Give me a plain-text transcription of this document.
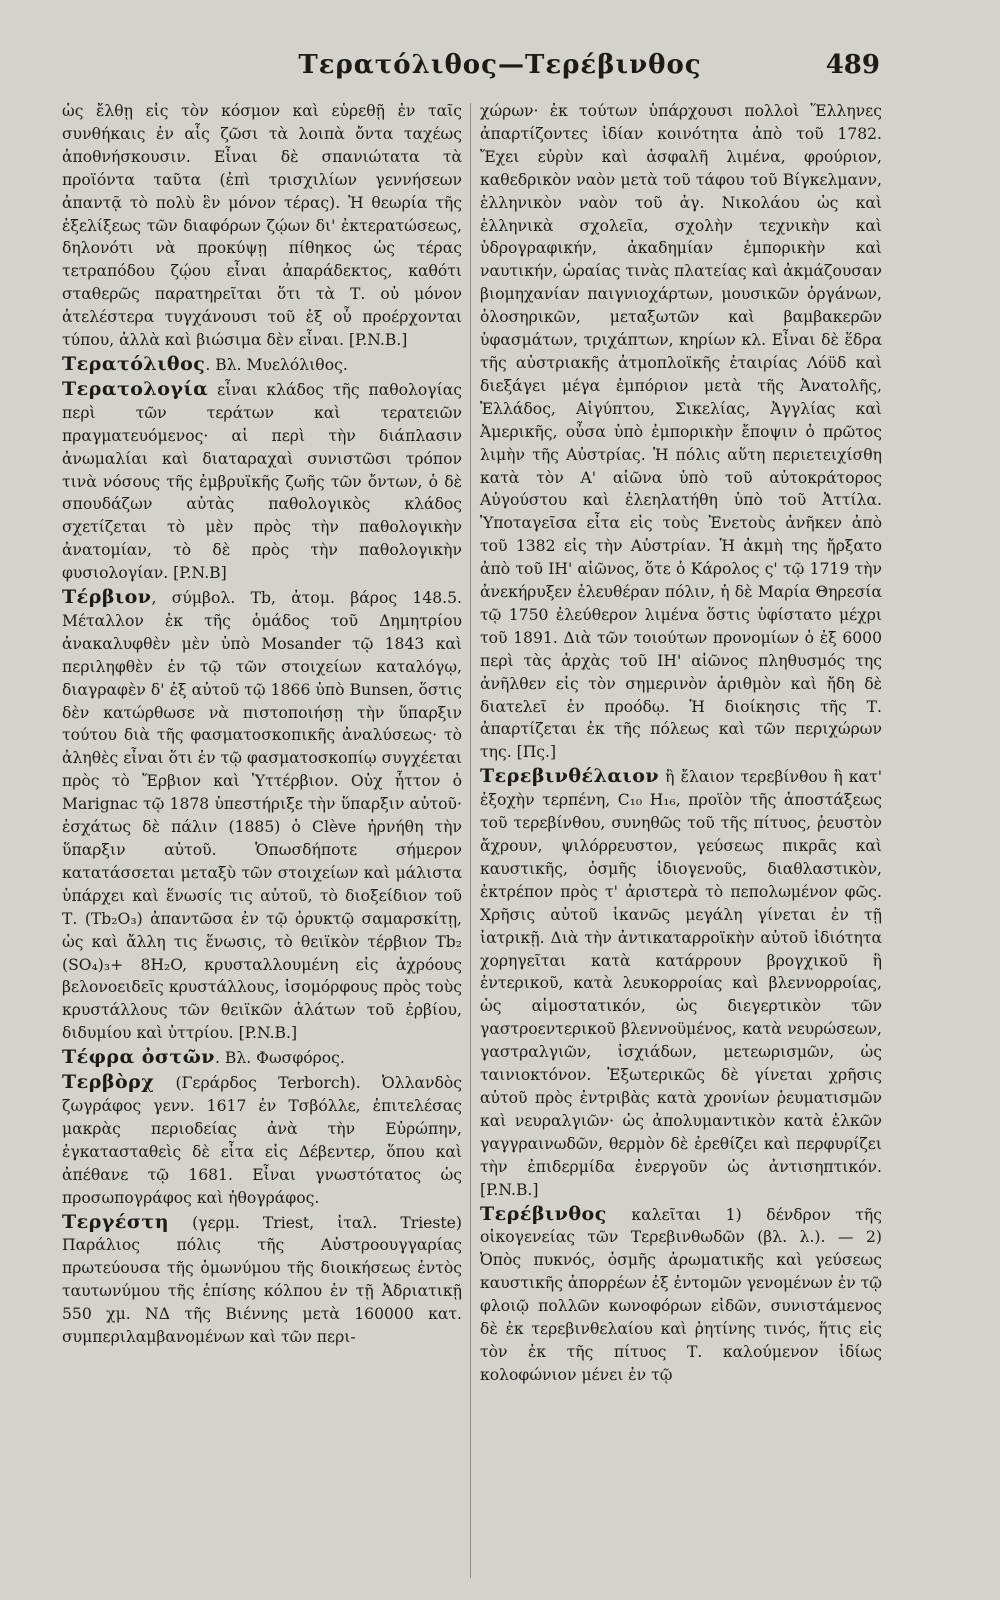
Τερατόλιθος—Τερέβινθος	489

ὡς ἔλθῃ εἰς τὸν κόσμον καὶ εὑρεθῇ ἐν ταῖς συνθήκαις ἐν αἷς ζῶσι τὰ λοιπὰ ὄντα ταχέως ἀποθνήσκουσιν. Εἶναι δὲ σπανιώτατα τὰ προϊόντα ταῦτα (ἐπὶ τρισχιλίων γεννήσεων ἀπαντᾷ τὸ πολὺ ἓν μόνον τέρας). Ἡ θεωρία τῆς ἐξελίξεως τῶν διαφόρων ζῴων δι' ἐκτερατώσεως, δηλονότι νὰ προκύψῃ πίθηκος ὡς τέρας τετραπόδου ζῴου εἶναι ἀπαράδεκτος, καθότι σταθερῶς παρατηρεῖται ὅτι τὰ Τ. οὐ μόνον ἀτελέστερα τυγχάνουσι τοῦ ἐξ οὗ προέρχονται τύπου, ἀλλὰ καὶ βιώσιμα δὲν εἶναι. [P.N.B.]

Τερατόλιθος. Βλ. Μυελόλιθος.

Τερατολογία εἶναι κλάδος τῆς παθολογίας περὶ τῶν τεράτων καὶ τερατειῶν πραγματευόμενος· αἱ περὶ τὴν διάπλασιν ἀνωμαλίαι καὶ διαταραχαὶ συνιστῶσι τρόπον τινὰ νόσους τῆς ἐμβρυϊκῆς ζωῆς τῶν ὄντων, ὁ δὲ σπουδάζων αὐτὰς παθολογικὸς κλάδος σχετίζεται τὸ μὲν πρὸς τὴν παθολογικὴν ἀνατομίαν, τὸ δὲ πρὸς τὴν παθολογικὴν φυσιολογίαν. [P.N.B]

Τέρβιον, σύμβολ. Tb, ἀτομ. βάρος 148.5. Μέταλλον ἐκ τῆς ὁμάδος τοῦ Δημητρίου ἀνακαλυφθὲν μὲν ὑπὸ Mosander τῷ 1843 καὶ περιληφθὲν ἐν τῷ τῶν στοιχείων καταλόγῳ, διαγραφὲν δ' ἐξ αὐτοῦ τῷ 1866 ὑπὸ Bunsen, ὅστις δὲν κατώρθωσε νὰ πιστοποιήσῃ τὴν ὕπαρξιν τούτου διὰ τῆς φασματοσκοπικῆς ἀναλύσεως· τὸ ἀληθὲς εἶναι ὅτι ἐν τῷ φασματοσκοπίῳ συγχέεται πρὸς τὸ Ἔρβιον καὶ Ὑττέρβιον. Οὐχ ἧττον ὁ Marignac τῷ 1878 ὑπεστήριξε τὴν ὕπαρξιν αὐτοῦ· ἐσχάτως δὲ πάλιν (1885) ὁ Clève ἠρνήθη τὴν ὕπαρξιν αὐτοῦ. Ὁπωσδήποτε σήμερον κατατάσσεται μεταξὺ τῶν στοιχείων καὶ μάλιστα ὑπάρχει καὶ ἕνωσίς τις αὐτοῦ, τὸ διοξείδιον τοῦ Τ. (Tb₂O₃) ἀπαντῶσα ἐν τῷ ὀρυκτῷ σαμαρσκίτῃ, ὡς καὶ ἄλλη τις ἕνωσις, τὸ θειϊκὸν τέρβιον Tb₂ (SO₄)₃+ 8H₂O, κρυσταλλουμένη εἰς ἀχρόους βελονοειδεῖς κρυστάλλους, ἰσομόρφους πρὸς τοὺς κρυστάλλους τῶν θειϊκῶν ἁλάτων τοῦ ἐρβίου, διδυμίου καὶ ὑττρίου. [P.N.B.]

Τέφρα ὀστῶν. Βλ. Φωσφόρος.

Τερβὸρχ (Γεράρδος Terborch). Ὀλλανδὸς ζωγράφος γενν. 1617 ἐν Τσβόλλε, ἐπιτελέσας μακρὰς περιοδείας ἀνὰ τὴν Εὐρώπην, ἐγκατασταθεὶς δὲ εἶτα εἰς Δέβεντερ, ὅπου καὶ ἀπέθανε τῷ 1681. Εἶναι γνωστότατος ὡς προσωπογράφος καὶ ἠθογράφος.

Τεργέστη (γερμ. Triest, ἰταλ. Trieste) Παράλιος πόλις τῆς Αὐστροουγγαρίας πρωτεύουσα τῆς ὁμωνύμου τῆς διοικήσεως ἐντὸς ταυτωνύμου τῆς ἐπίσης κόλπου ἐν τῇ Ἀδριατικῇ 550 χμ. ΝΔ τῆς Βιέννης μετὰ 160000 κατ. συμπεριλαμβανομένων καὶ τῶν περι-

χώρων· ἐκ τούτων ὑπάρχουσι πολλοὶ Ἕλληνες ἀπαρτίζοντες ἰδίαν κοινότητα ἀπὸ τοῦ 1782. Ἔχει εὐρὺν καὶ ἀσφαλῆ λιμένα, φρούριον, καθεδρικὸν ναὸν μετὰ τοῦ τάφου τοῦ Βίγκελμανν, ἑλληνικὸν ναὸν τοῦ ἁγ. Νικολάου ὡς καὶ ἑλληνικὰ σχολεῖα, σχολὴν τεχνικὴν καὶ ὑδρογραφικήν, ἀκαδημίαν ἐμπορικὴν καὶ ναυτικήν, ὡραίας τινὰς πλατείας καὶ ἀκμάζουσαν βιομηχανίαν παιγνιοχάρτων, μουσικῶν ὀργάνων, ὁλοσηρικῶν, μεταξωτῶν καὶ βαμβακερῶν ὑφασμάτων, τριχάπτων, κηρίων κλ. Εἶναι δὲ ἕδρα τῆς αὐστριακῆς ἀτμοπλοϊκῆς ἑταιρίας Λόϋδ καὶ διεξάγει μέγα ἐμπόριον μετὰ τῆς Ἀνατολῆς, Ἑλλάδος, Αἰγύπτου, Σικελίας, Ἀγγλίας καὶ Ἀμερικῆς, οὖσα ὑπὸ ἐμπορικὴν ἔποψιν ὁ πρῶτος λιμὴν τῆς Αὐστρίας. Ἡ πόλις αὕτη περιετειχίσθη κατὰ τὸν Α' αἰῶνα ὑπὸ τοῦ αὐτοκράτορος Αὐγούστου καὶ ἐλεηλατήθη ὑπὸ τοῦ Ἀττίλα. Ὑποταγεῖσα εἶτα εἰς τοὺς Ἐνετοὺς ἀνῆκεν ἀπὸ τοῦ 1382 εἰς τὴν Αὐστρίαν. Ἡ ἀκμὴ της ἤρξατο ἀπὸ τοῦ ΙΗ' αἰῶνος, ὅτε ὁ Κάρολος ς' τῷ 1719 τὴν ἀνεκήρυξεν ἐλευθέραν πόλιν, ἡ δὲ Μαρία Θηρεσία τῷ 1750 ἐλεύθερον λιμένα ὅστις ὑφίστατο μέχρι τοῦ 1891. Διὰ τῶν τοιούτων προνομίων ὁ ἐξ 6000 περὶ τὰς ἀρχὰς τοῦ ΙΗ' αἰῶνος πληθυσμός της ἀνῆλθεν εἰς τὸν σημερινὸν ἀριθμὸν καὶ ἤδη δὲ διατελεῖ ἐν προόδῳ. Ἡ διοίκησις τῆς Τ. ἀπαρτίζεται ἐκ τῆς πόλεως καὶ τῶν περιχώρων της. [Πς.]

Τερεβινθέλαιον ἢ ἔλαιον τερεβίνθου ἢ κατ' ἐξοχὴν τερπένη, C₁₀ H₁₆, προϊὸν τῆς ἀποστάξεως τοῦ τερεβίνθου, συνηθῶς τοῦ τῆς πίτυος, ῥευστὸν ἄχρουν, ψιλόρρευστον, γεύσεως πικρᾶς καὶ καυστικῆς, ὀσμῆς ἰδιογενοῦς, διαθλαστικὸν, ἐκτρέπον πρὸς τ' ἀριστερὰ τὸ πεπολωμένον φῶς. Χρῆσις αὐτοῦ ἱκανῶς μεγάλη γίνεται ἐν τῇ ἰατρικῇ. Διὰ τὴν ἀντικαταρροϊκὴν αὐτοῦ ἰδιότητα χορηγεῖται κατὰ κατάρρουν βρογχικοῦ ἢ ἐντερικοῦ, κατὰ λευκορροίας καὶ βλεννορροίας, ὡς αἱμοστατικόν, ὡς διεγερτικὸν τῶν γαστροεντερικοῦ βλεννοϋμένος, κατὰ νευρώσεων, γαστραλγιῶν, ἰσχιάδων, μετεωρισμῶν, ὡς ταινιοκτόνον. Ἐξωτερικῶς δὲ γίνεται χρῆσις αὐτοῦ πρὸς ἐντριβὰς κατὰ χρονίων ῥευματισμῶν καὶ νευραλγιῶν· ὡς ἀπολυμαντικὸν κατὰ ἑλκῶν γαγγραινωδῶν, θερμὸν δὲ ἐρεθίζει καὶ περφυρίζει τὴν ἐπιδερμίδα ἐνεργοῦν ὡς ἀντισηπτικόν. [P.N.B.]

Τερέβινθος καλεῖται 1) δένδρον τῆς οἰκογενείας τῶν Τερεβινθωδῶν (βλ. λ.). — 2) Ὀπὸς πυκνός, ὀσμῆς ἀρωματικῆς καὶ γεύσεως καυστικῆς ἀπορρέων ἐξ ἐντομῶν γενομένων ἐν τῷ φλοιῷ πολλῶν κωνοφόρων εἰδῶν, συνιστάμενος δὲ ἐκ τερεβινθελαίου καὶ ῥητίνης τινός, ἥτις εἰς τὸν ἐκ τῆς πίτυος Τ. καλούμενον ἰδίως κολοφώνιον μένει ἐν τῷ
